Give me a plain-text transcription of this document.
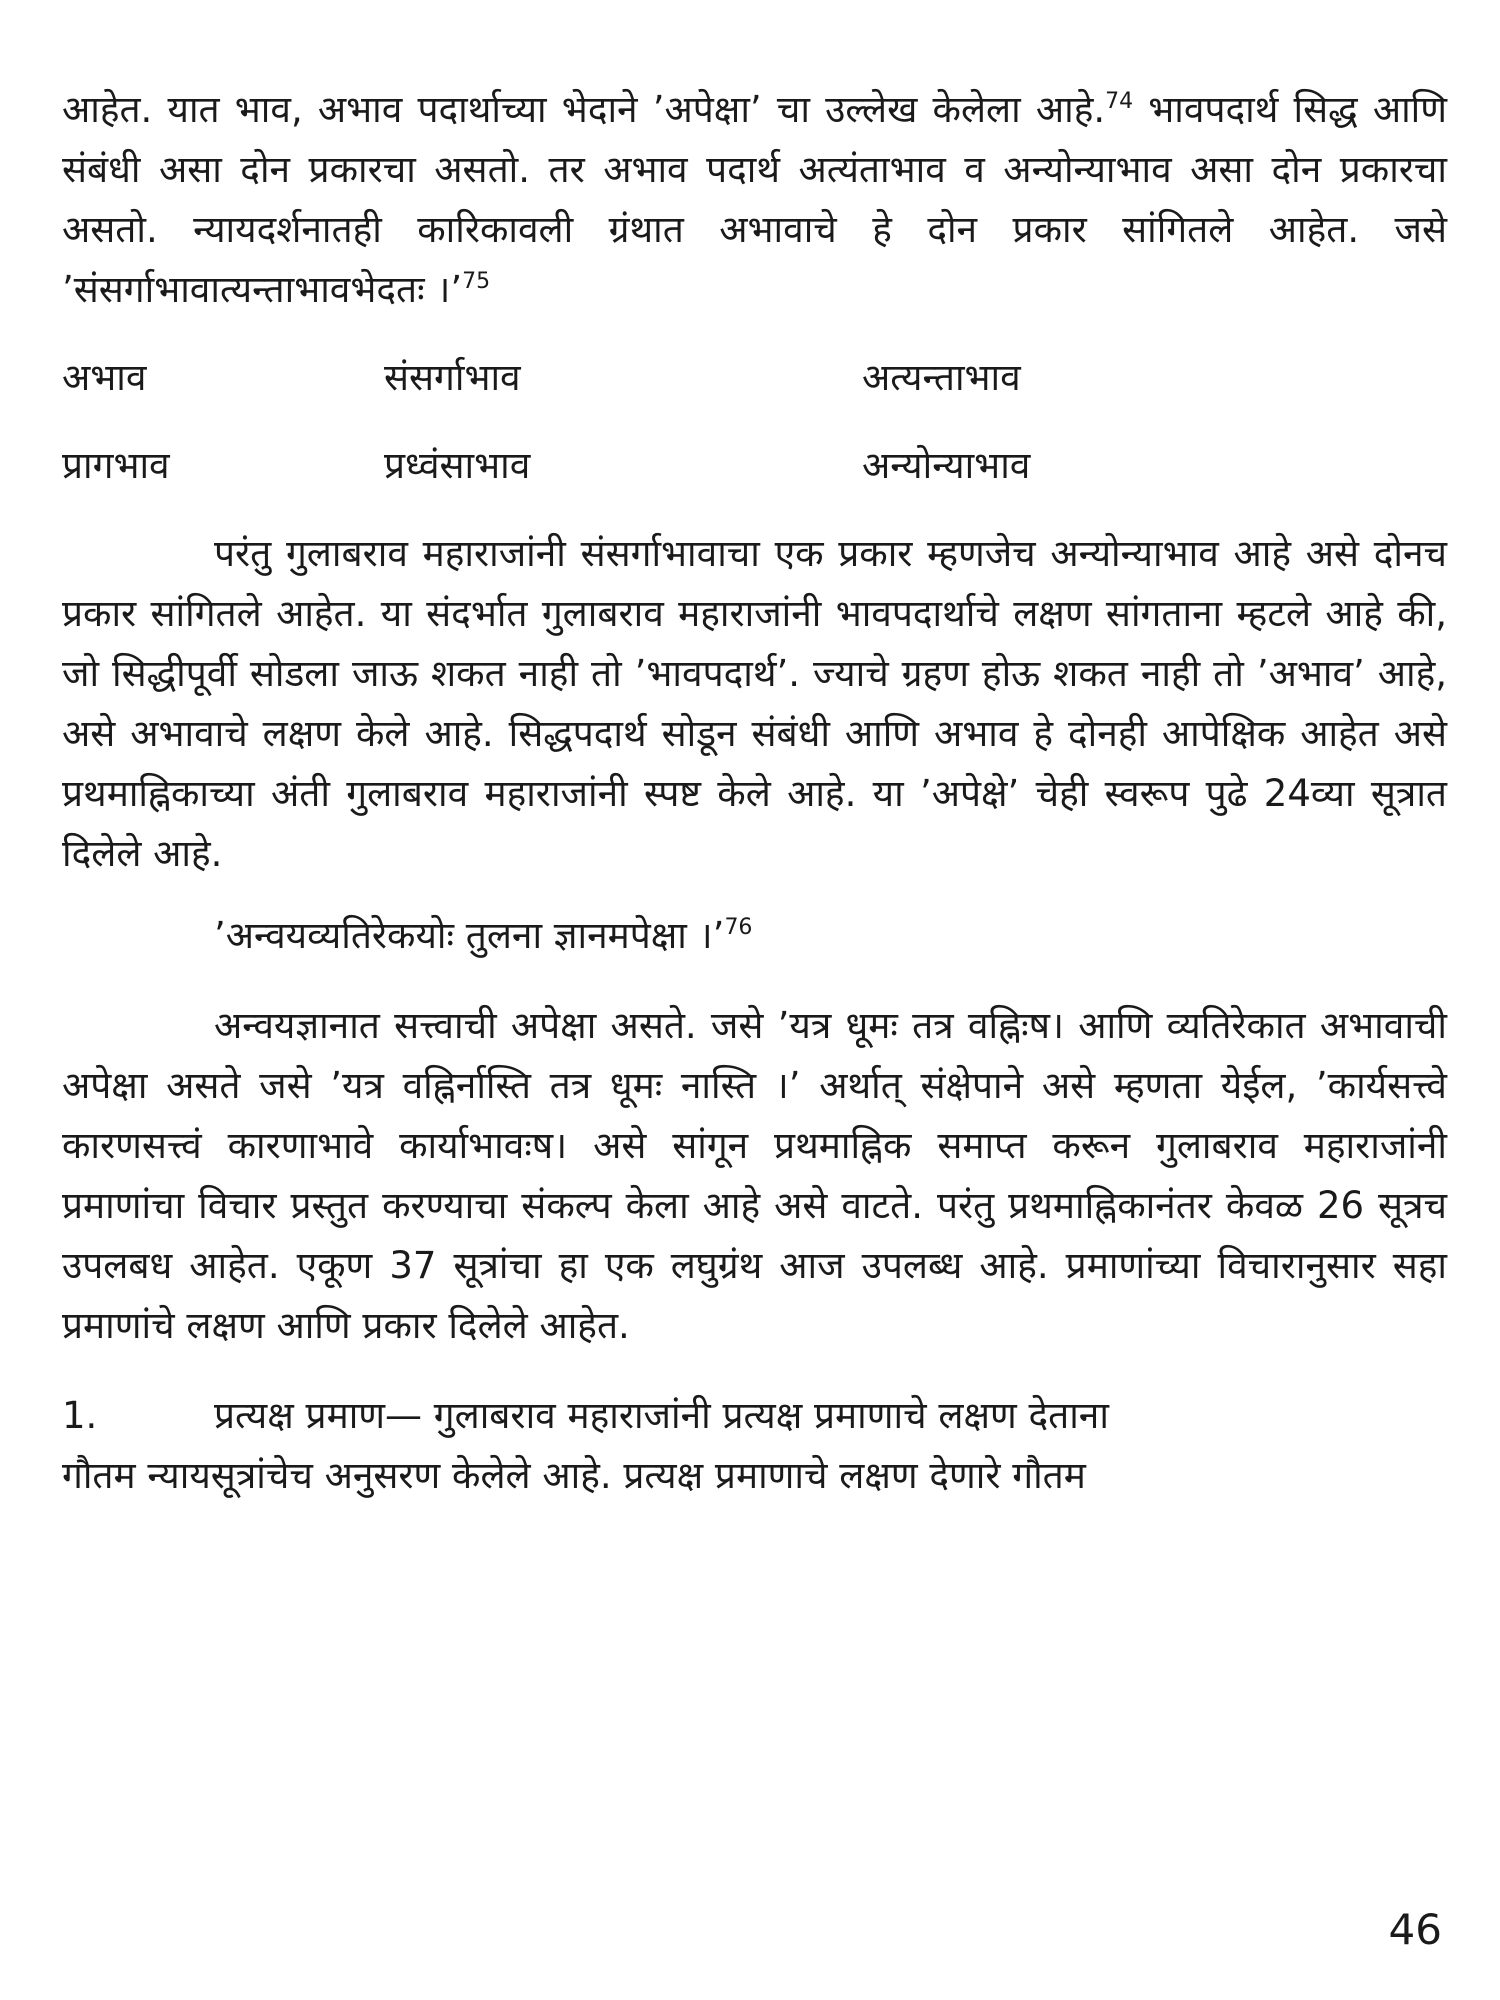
आहेत. यात भाव, अभाव पदार्थाच्या भेदाने ’अपेक्षा’ चा उल्लेख केलेला आहे.$^{74}$ भावपदार्थ सिद्ध आणि संबंधी असा दोन प्रकारचा असतो. तर अभाव पदार्थ अत्यंताभाव व अन्योन्याभाव असा दोन प्रकारचा असतो. न्यायदर्शनातही कारिकावली ग्रंथात अभावाचे हे दोन प्रकार सांगितले आहेत. जसे ’संसर्गाभावात्यन्ताभावभेदतः ।’$^{75}$

अभाव	संसर्गाभाव	अत्यन्ताभाव
प्रागभाव	प्रध्वंसाभाव	अन्योन्याभाव

परंतु गुलाबराव महाराजांनी संसर्गाभावाचा एक प्रकार म्हणजेच अन्योन्याभाव आहे असे दोनच प्रकार सांगितले आहेत. या संदर्भात गुलाबराव महाराजांनी भावपदार्थाचे लक्षण सांगताना म्हटले आहे की, जो सिद्धीपूर्वी सोडला जाऊ शकत नाही तो ’भावपदार्थ’. ज्याचे ग्रहण होऊ शकत नाही तो ’अभाव’ आहे, असे अभावाचे लक्षण केले आहे. सिद्धपदार्थ सोडून संबंधी आणि अभाव हे दोनही आपेक्षिक आहेत असे प्रथमाह्निकाच्या अंती गुलाबराव महाराजांनी स्पष्ट केले आहे. या ’अपेक्षे’ चेही स्वरूप पुढे 24व्या सूत्रात दिलेले आहे.

’अन्वयव्यतिरेकयोः तुलना ज्ञानमपेक्षा ।’$^{76}$

अन्वयज्ञानात सत्त्वाची अपेक्षा असते. जसे ’यत्र धूमः तत्र वह्निःष। आणि व्यतिरेकात अभावाची अपेक्षा असते जसे ’यत्र वह्निर्नास्ति तत्र धूमः नास्ति ।’ अर्थात् संक्षेपाने असे म्हणता येईल, ’कार्यसत्त्वे कारणसत्त्वं कारणाभावे कार्याभावःष। असे सांगून प्रथमाह्निक समाप्त करून गुलाबराव महाराजांनी प्रमाणांचा विचार प्रस्तुत करण्याचा संकल्प केला आहे असे वाटते. परंतु प्रथमाह्निकानंतर केवळ 26 सूत्रच उपलबध आहेत. एकूण 37 सूत्रांचा हा एक लघुग्रंथ आज उपलब्ध आहे. प्रमाणांच्या विचारानुसार सहा प्रमाणांचे लक्षण आणि प्रकार दिलेले आहेत.

1.	प्रत्यक्ष प्रमाण— गुलाबराव महाराजांनी प्रत्यक्ष प्रमाणाचे लक्षण देताना

गौतम न्यायसूत्रांचेच अनुसरण केलेले आहे. प्रत्यक्ष प्रमाणाचे लक्षण देणारे गौतम

46
